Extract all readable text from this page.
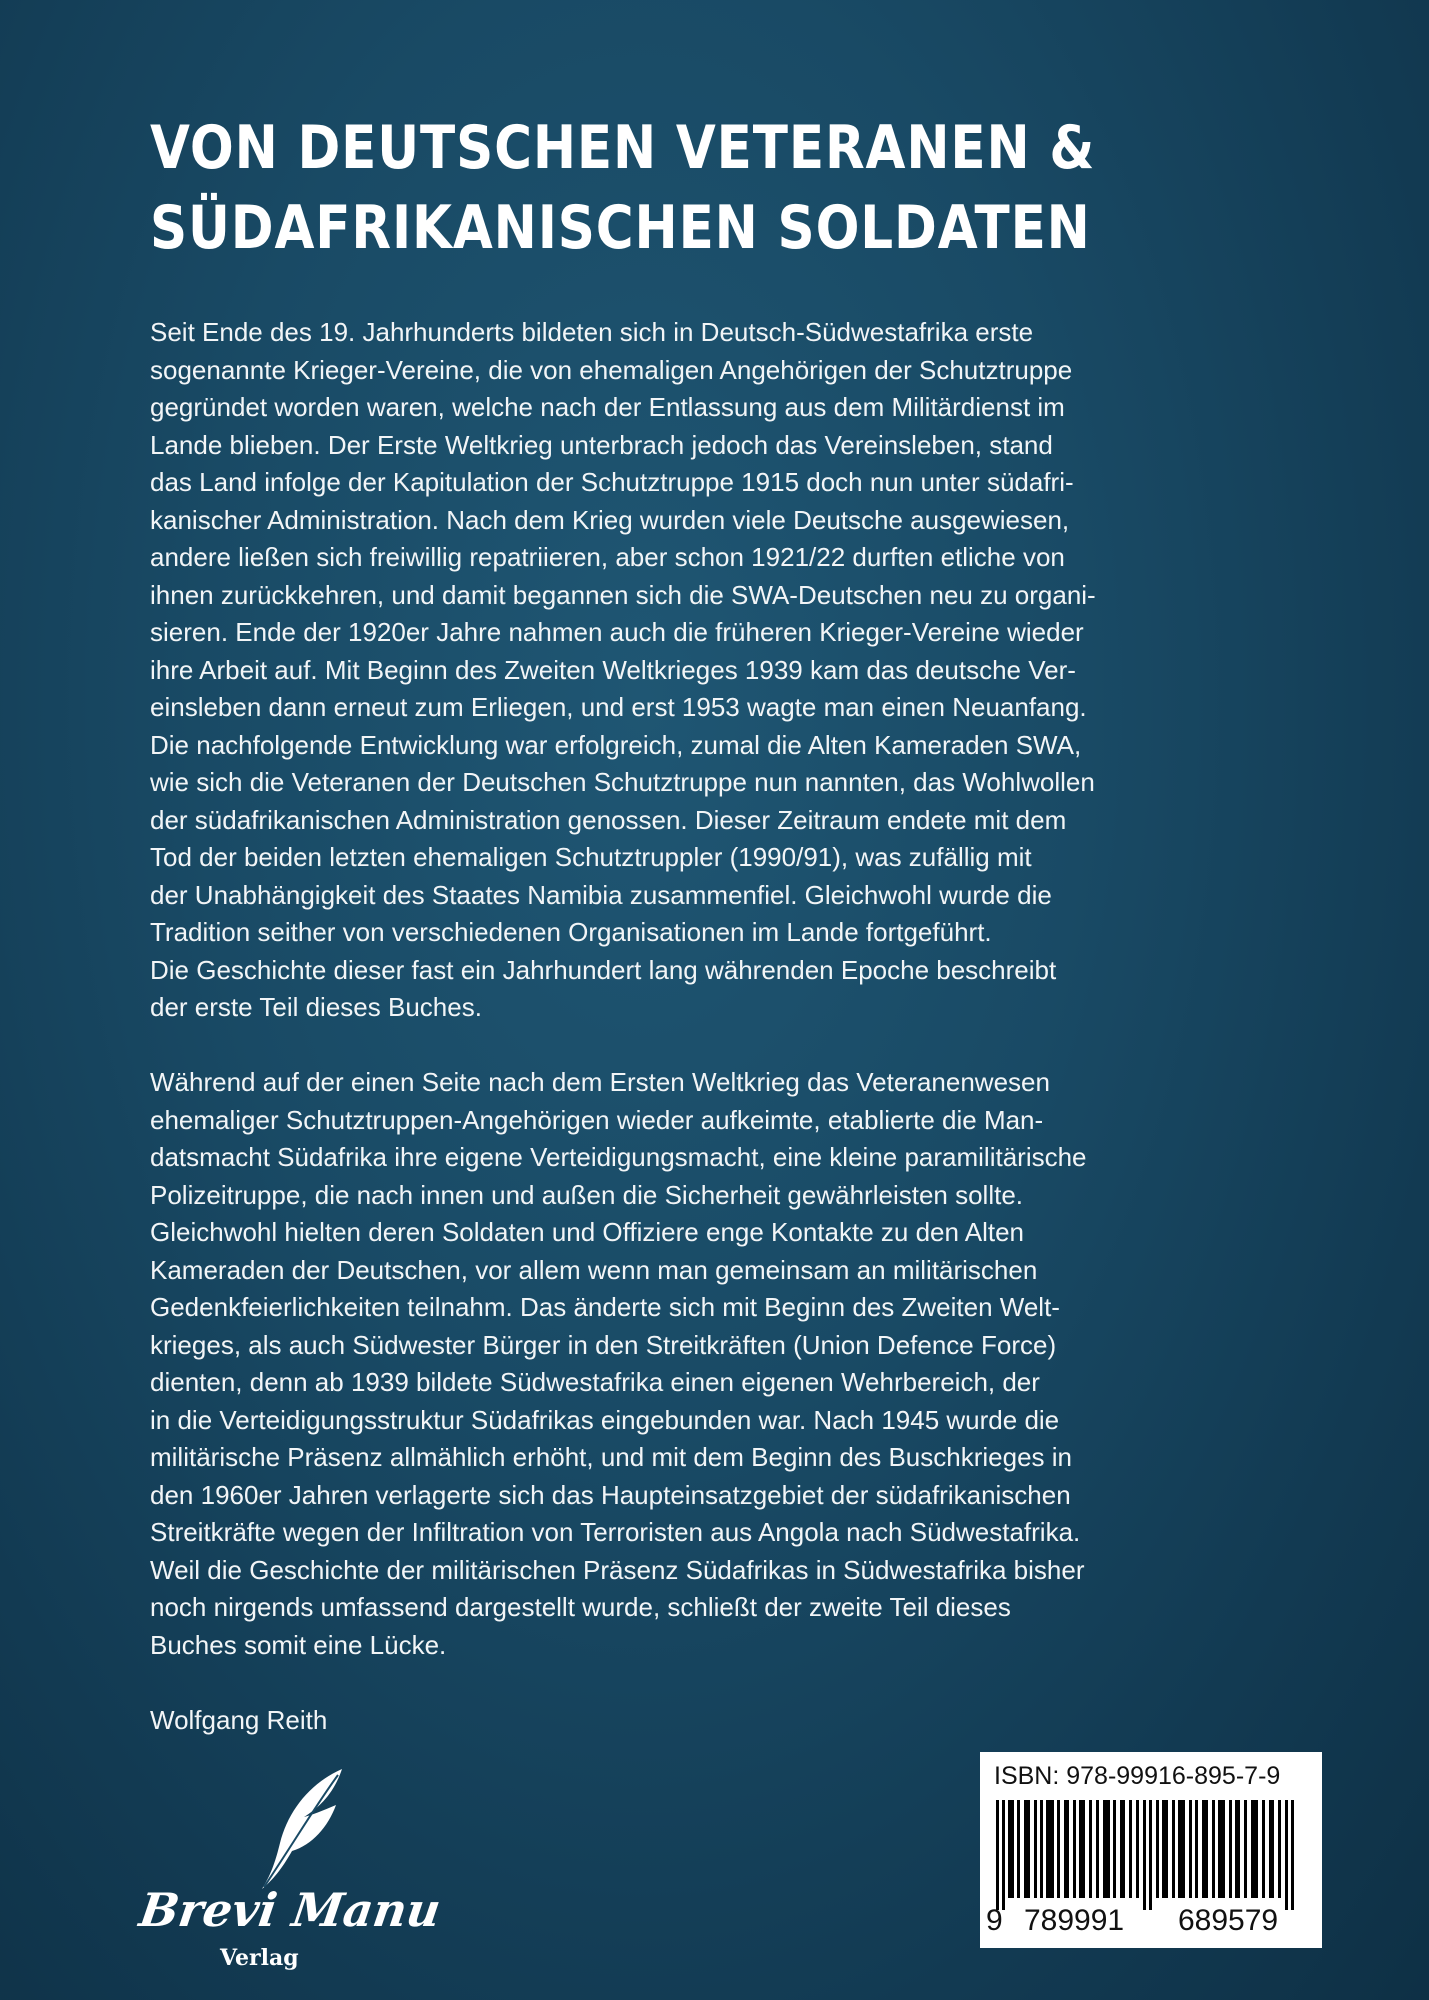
VON DEUTSCHEN VETERANEN &
SÜDAFRIKANISCHEN SOLDATEN
Seit Ende des 19. Jahrhunderts bildeten sich in Deutsch-Südwestafrika erste
sogenannte Krieger-Vereine, die von ehemaligen Angehörigen der Schutztruppe
gegründet worden waren, welche nach der Entlassung aus dem Militärdienst im
Lande blieben. Der Erste Weltkrieg unterbrach jedoch das Vereinsleben, stand
das Land infolge der Kapitulation der Schutztruppe 1915 doch nun unter südafri-
kanischer Administration. Nach dem Krieg wurden viele Deutsche ausgewiesen,
andere ließen sich freiwillig repatriieren, aber schon 1921/22 durften etliche von
ihnen zurückkehren, und damit begannen sich die SWA-Deutschen neu zu organi-
sieren. Ende der 1920er Jahre nahmen auch die früheren Krieger-Vereine wieder
ihre Arbeit auf. Mit Beginn des Zweiten Weltkrieges 1939 kam das deutsche Ver-
einsleben dann erneut zum Erliegen, und erst 1953 wagte man einen Neuanfang.
Die nachfolgende Entwicklung war erfolgreich, zumal die Alten Kameraden SWA,
wie sich die Veteranen der Deutschen Schutztruppe nun nannten, das Wohlwollen
der südafrikanischen Administration genossen. Dieser Zeitraum endete mit dem
Tod der beiden letzten ehemaligen Schutztruppler (1990/91), was zufällig mit
der Unabhängigkeit des Staates Namibia zusammenfiel. Gleichwohl wurde die
Tradition seither von verschiedenen Organisationen im Lande fortgeführt.
Die Geschichte dieser fast ein Jahrhundert lang währenden Epoche beschreibt
der erste Teil dieses Buches.
Während auf der einen Seite nach dem Ersten Weltkrieg das Veteranenwesen
ehemaliger Schutztruppen-Angehörigen wieder aufkeimte, etablierte die Man-
datsmacht Südafrika ihre eigene Verteidigungsmacht, eine kleine paramilitärische
Polizeitruppe, die nach innen und außen die Sicherheit gewährleisten sollte.
Gleichwohl hielten deren Soldaten und Offiziere enge Kontakte zu den Alten
Kameraden der Deutschen, vor allem wenn man gemeinsam an militärischen
Gedenkfeierlichkeiten teilnahm. Das änderte sich mit Beginn des Zweiten Welt-
krieges, als auch Südwester Bürger in den Streitkräften (Union Defence Force)
dienten, denn ab 1939 bildete Südwestafrika einen eigenen Wehrbereich, der
in die Verteidigungsstruktur Südafrikas eingebunden war. Nach 1945 wurde die
militärische Präsenz allmählich erhöht, und mit dem Beginn des Buschkrieges in
den 1960er Jahren verlagerte sich das Haupteinsatzgebiet der südafrikanischen
Streitkräfte wegen der Infiltration von Terroristen aus Angola nach Südwestafrika.
Weil die Geschichte der militärischen Präsenz Südafrikas in Südwestafrika bisher
noch nirgends umfassend dargestellt wurde, schließt der zweite Teil dieses
Buches somit eine Lücke.
Wolfgang Reith
Brevi Manu
Verlag
ISBN: 978-99916-895-7-9
9 789991 689579
